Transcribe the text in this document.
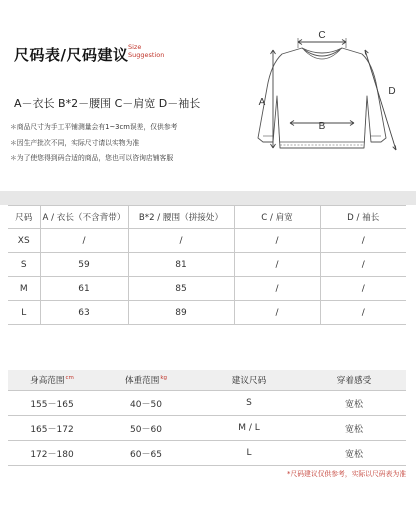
尺码表/尺码建议 Size
Suggestion
A－衣长 B*2－腰围 C－肩宽 D－袖长
＊商品尺寸为手工平铺测量会有1~3cm误差，仅供参考
＊因生产批次不同，实际尺寸请以实物为准
＊为了使您得到码合适的商品，您也可以咨询店铺客服
C
A
B
D
尺码	A / 衣长（不含背带）	B*2 / 腰围（拼接处）	C / 肩宽	D / 袖长
XS	/	/	/	/
S	59	81	/	/
M	61	85	/	/
L	63	89	/	/
身高范围$^{cm}$	体重范围$^{kg}$	建议尺码	穿着感受
155－165	40－50	S	宽松
165－172	50－60	M / L	宽松
172－180	60－65	L	宽松
*尺码建议仅供参考，实际以尺码表为准
